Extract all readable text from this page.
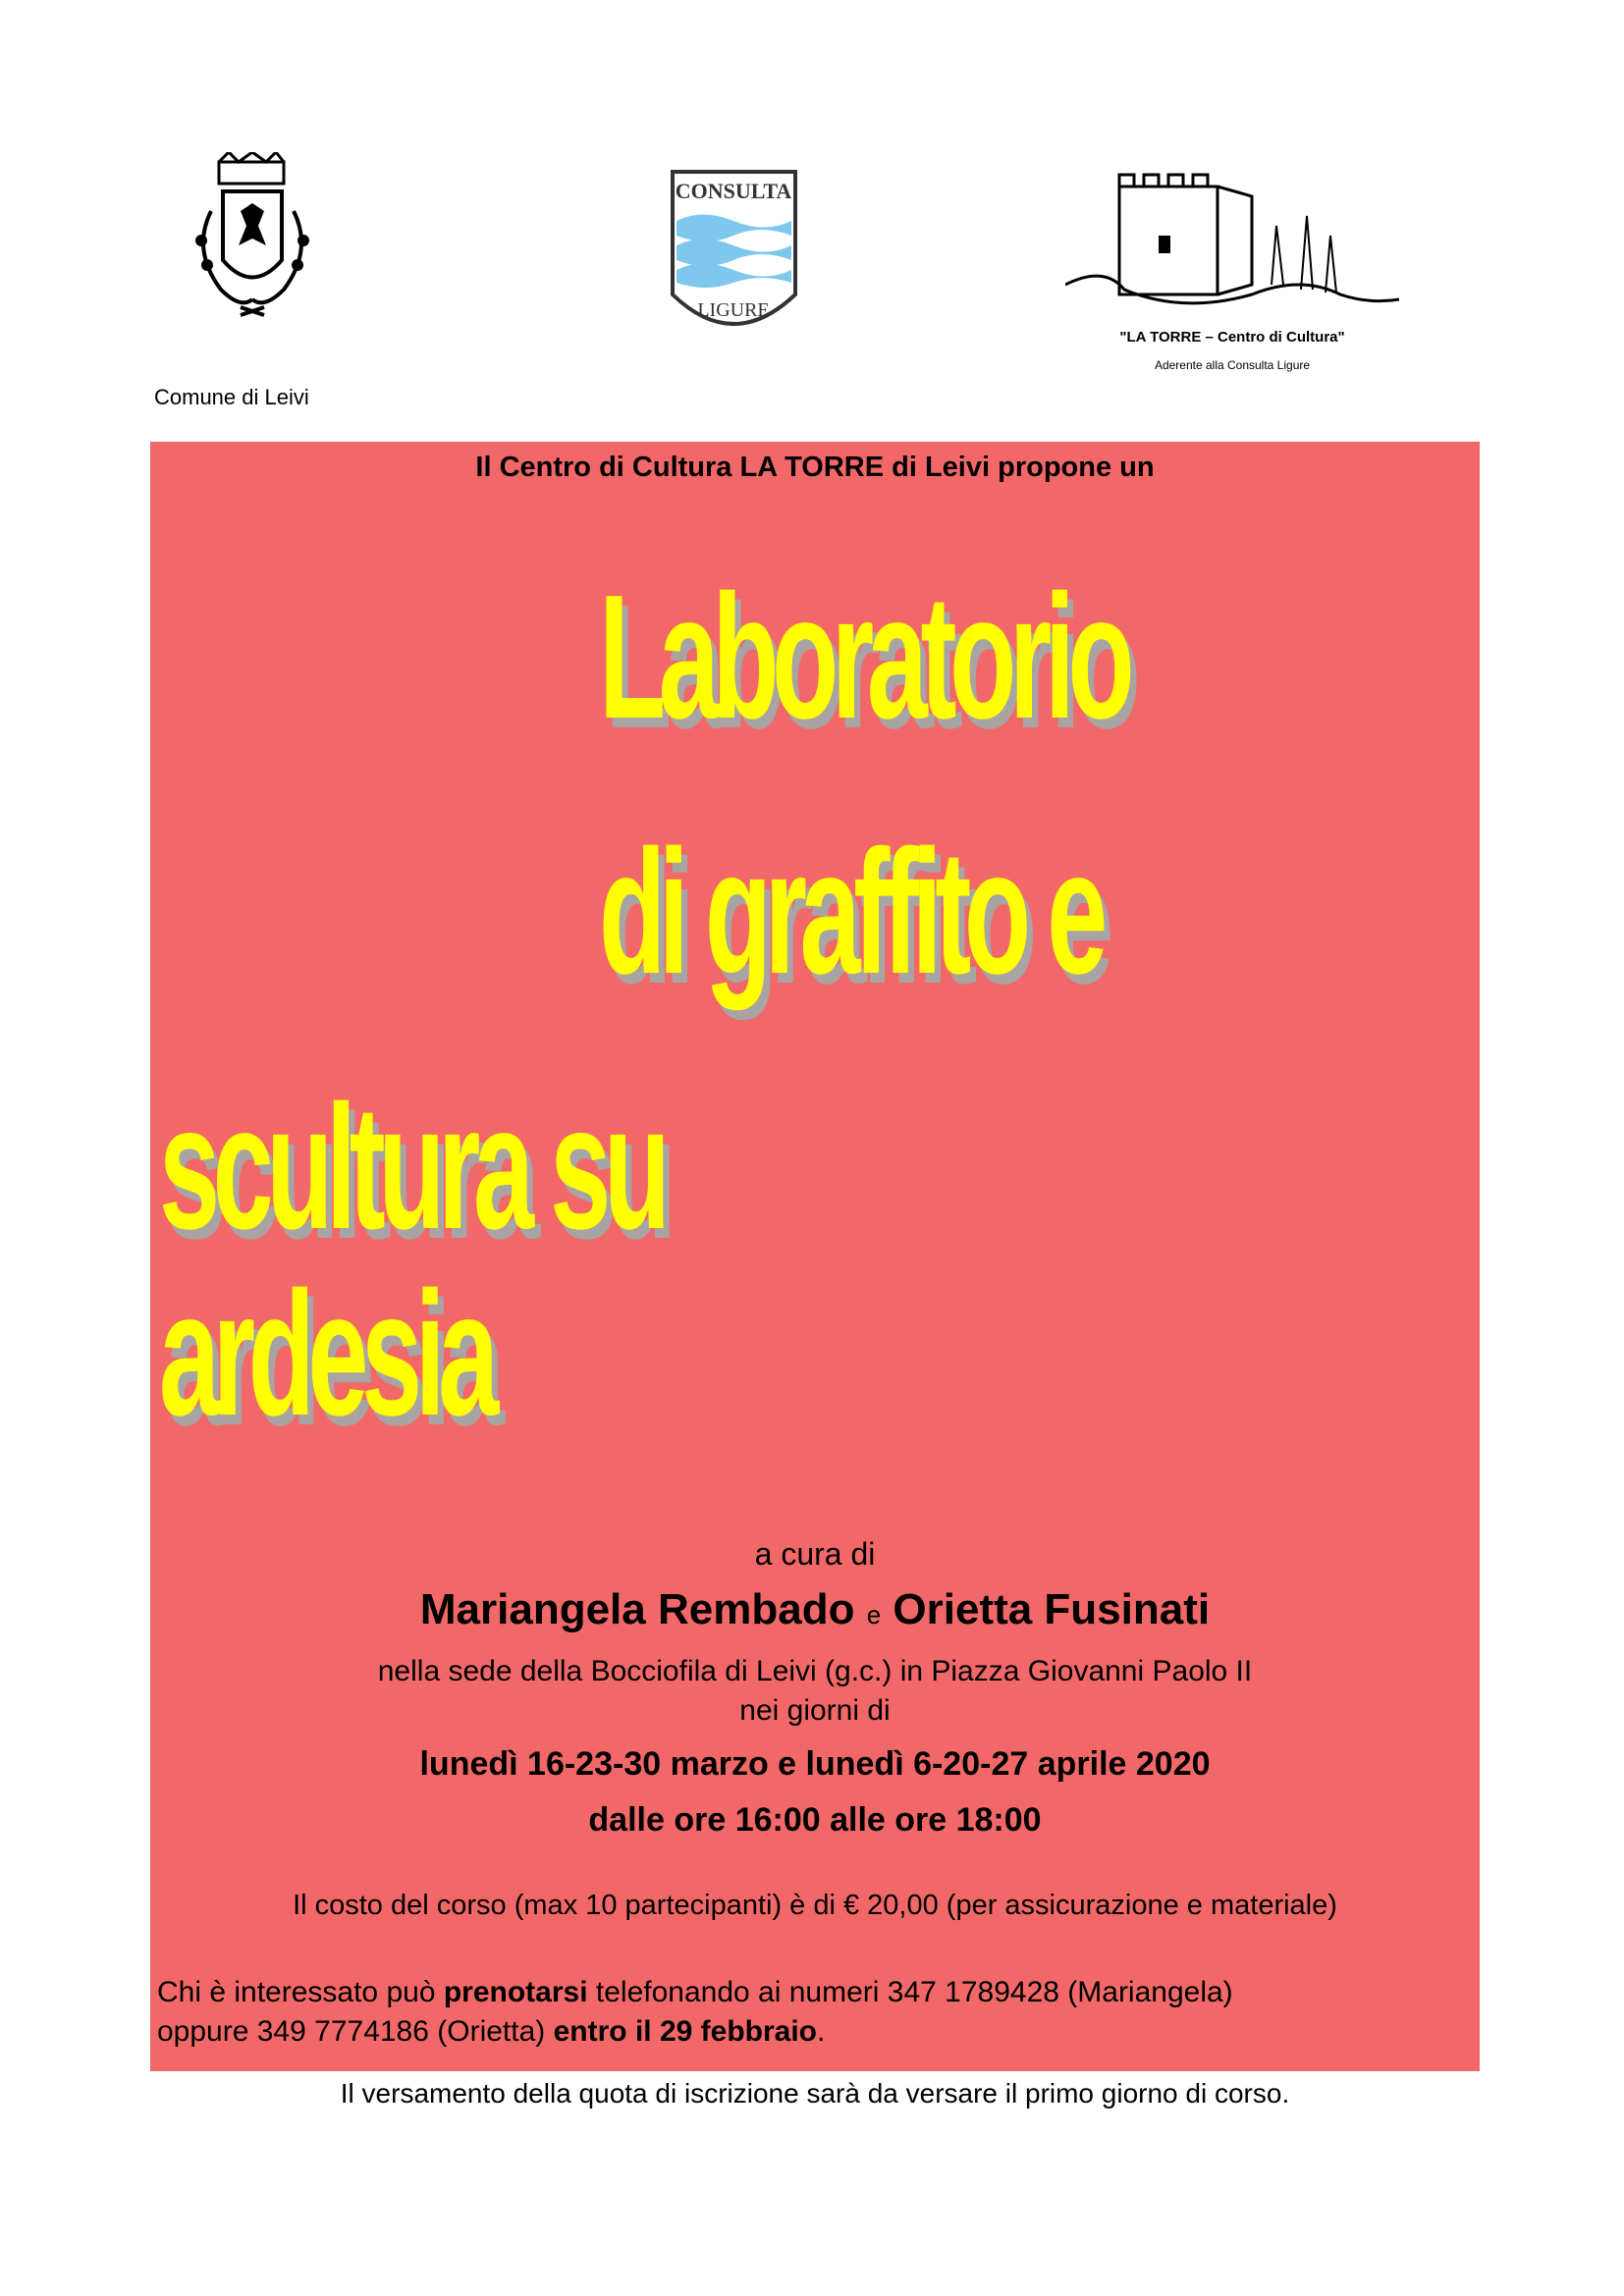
CONSULTA
LIGURE
"LA TORRE – Centro di Cultura"
Aderente alla Consulta Ligure
Comune di Leivi
Il Centro di Cultura LA TORRE di Leivi propone un
Laboratorio
di graffito e
scultura su
ardesia
a cura di
Mariangela Rembado e Orietta Fusinati
nella sede della Bocciofila di Leivi (g.c.) in Piazza Giovanni Paolo II
nei giorni di
lunedì 16-23-30 marzo e lunedì 6-20-27 aprile 2020
dalle ore 16:00 alle ore 18:00
Il costo del corso (max 10 partecipanti) è di € 20,00 (per assicurazione e materiale)
Chi è interessato può prenotarsi telefonando ai numeri 347 1789428 (Mariangela)
oppure 349 7774186 (Orietta) entro il 29 febbraio.
Il versamento della quota di iscrizione sarà da versare il primo giorno di corso.
